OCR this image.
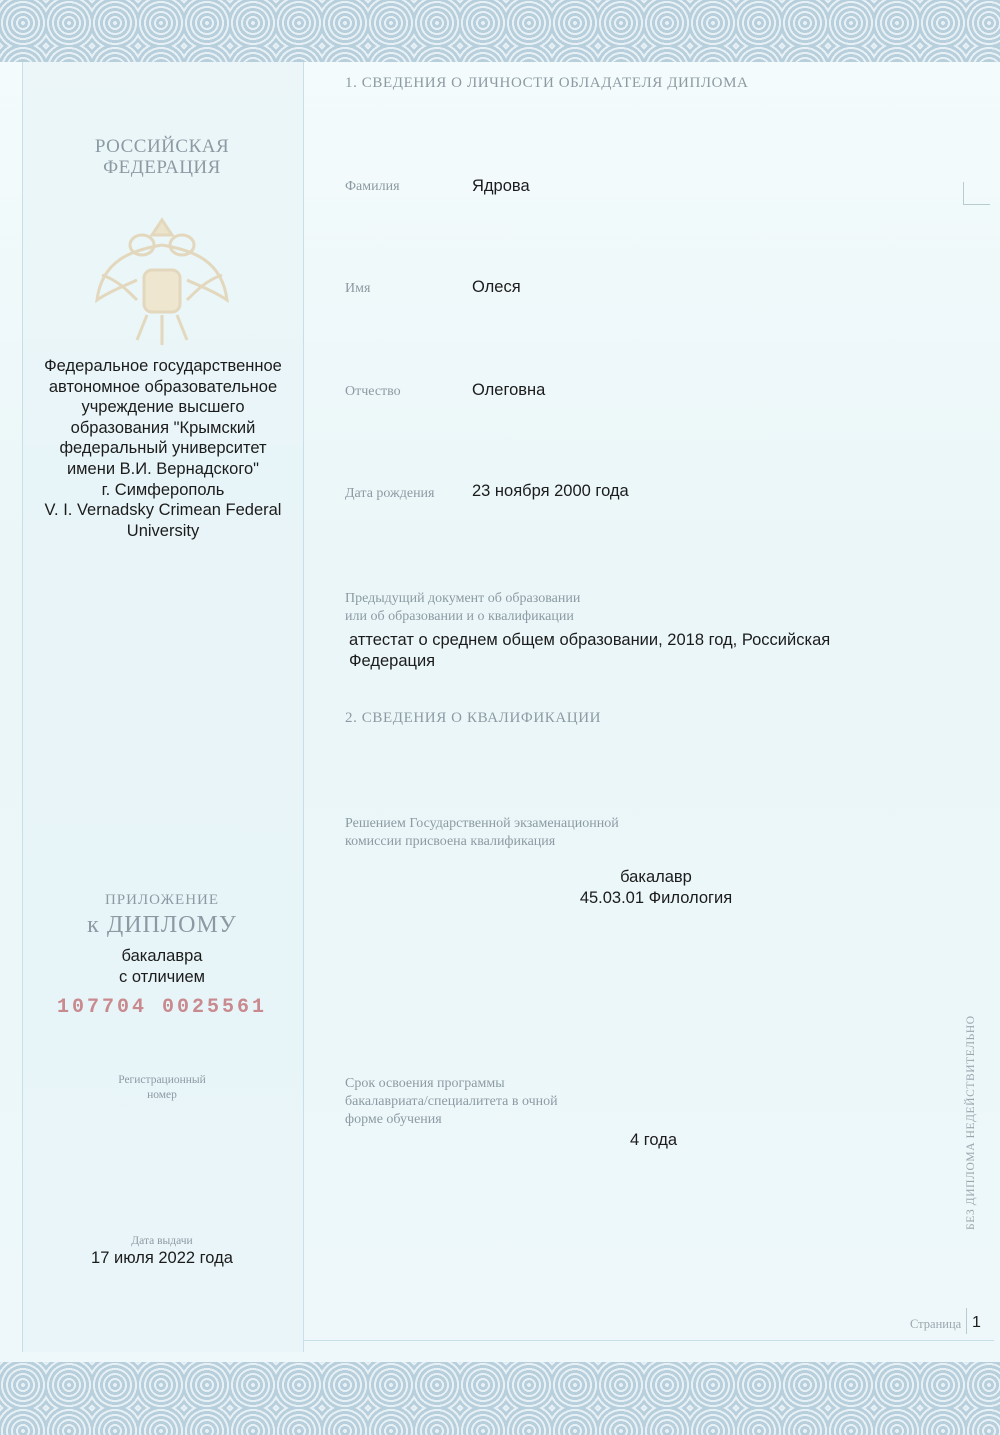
РОССИЙСКАЯ
ФЕДЕРАЦИЯ
Федеральное государственное
автономное образовательное
учреждение высшего
образования "Крымский
федеральный университет
имени В.И. Вернадского"
г. Симферополь
V. I. Vernadsky Crimean Federal
University
ПРИЛОЖЕНИЕ
к ДИПЛОМУ
бакалавра
с отличием
107704 0025561
Регистрационный
номер
Дата выдачи
17 июля 2022 года
1. СВЕДЕНИЯ О ЛИЧНОСТИ ОБЛАДАТЕЛЯ ДИПЛОМА
Фамилия	Ядрова
Имя	Олеся
Отчество	Олеговна
Дата рождения 23 ноября 2000 года
Предыдущий документ об образовании
или об образовании и о квалификации
аттестат о среднем общем образовании, 2018 год, Российская
Федерация
2. СВЕДЕНИЯ О КВАЛИФИКАЦИИ
Решением Государственной экзаменационной
комиссии присвоена квалификация
бакалавр
45.03.01 Филология
Срок освоения программы
бакалавриата/специалитета в очной
форме обучения
4 года	БЕЗ ДИПЛОМА НЕДЕЙСТВИТЕЛЬНО
Страница 1
